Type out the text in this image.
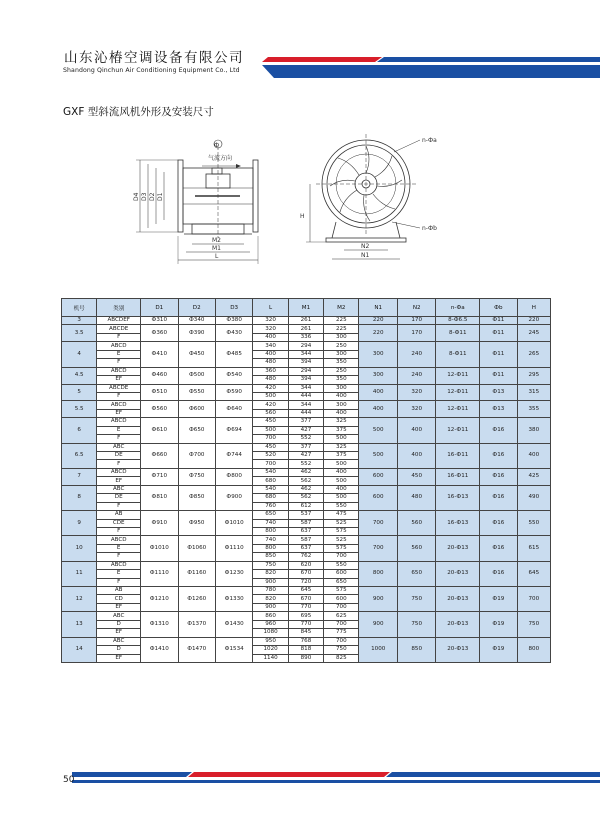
山东沁椿空调设备有限公司
Shandong Qinchun Air Conditioning Equipment Co., Ltd
GXF 型斜流风机外形及安装尺寸
Ф
气流方向
D4 D3 D2 D1
M2
M1
L
n-Фa
n-Фb
H
N2
N1
机号	类别	D1	D2	D3	L	M1	M2	N1	N2	n-Фa	Фb	H
3	ABCDEF	Ф310	Ф340	Ф380	320	261	225	220	170	8-Ф6.5	Ф11	220
3.5	ABCDE	Ф360	Ф390	Ф430	320	261	225	220	170	8-Ф11	Ф11	245
	F				400	336	300					
4	ABCD	Ф410	Ф450	Ф485	340	294	250	300	240	8-Ф11	Ф11	265
	E				400	344	300					
	F				480	394	350					
4.5	ABCD	Ф460	Ф500	Ф540	360	294	250	300	240	12-Ф11	Ф11	295
	EF				480	394	350					
5	ABCDE	Ф510	Ф550	Ф590	420	344	300	400	320	12-Ф11	Ф13	315
	F				500	444	400					
5.5	ABCD	Ф560	Ф600	Ф640	420	344	300	400	320	12-Ф11	Ф13	355
	EF				560	444	400					
6	ABCD	Ф610	Ф650	Ф694	450	377	325	500	400	12-Ф11	Ф16	380
	E				500	427	375					
	F				700	552	500					
6.5	ABC	Ф660	Ф700	Ф744	450	377	325	500	400	16-Ф11	Ф16	400
	DE				520	427	375					
	F				700	552	500					
7	ABCD	Ф710	Ф750	Ф800	540	462	400	600	450	16-Ф11	Ф16	425
	EF				680	562	500					
8	ABC	Ф810	Ф850	Ф900	540	462	400	600	480	16-Ф13	Ф16	490
	DE				680	562	500					
	F				760	612	550					
9	AB	Ф910	Ф950	Ф1010	650	537	475	700	560	16-Ф13	Ф16	550
	CDE				740	587	525					
	F				800	637	575					
10	ABCD	Ф1010	Ф1060	Ф1110	740	587	525	700	560	20-Ф13	Ф16	615
	E				800	637	575					
	F				850	762	700					
11	ABCD	Ф1110	Ф1160	Ф1230	750	620	550	800	650	20-Ф13	Ф16	645
	E				820	670	600					
	F				900	720	650					
12	AB	Ф1210	Ф1260	Ф1330	780	645	575	900	750	20-Ф13	Ф19	700
	CD				820	670	600					
	EF				900	770	700					
13	ABC	Ф1310	Ф1370	Ф1430	860	695	625	900	750	20-Ф13	Ф19	750
	D				960	770	700					
	EF				1080	845	775					
14	ABC	Ф1410	Ф1470	Ф1534	950	768	700	1000	850	20-Ф13	Ф19	800
	D				1020	818	750					
	EF				1140	890	825					
50
